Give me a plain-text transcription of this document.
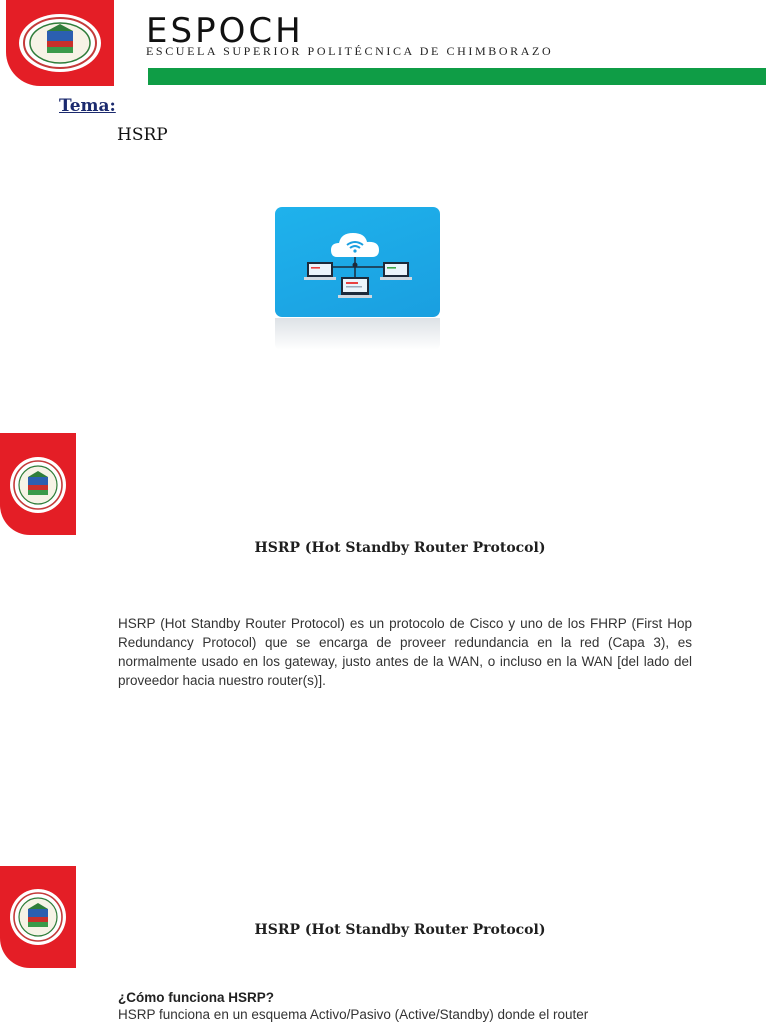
ESPOCH
ESCUELA SUPERIOR POLITÉCNICA DE CHIMBORAZO
Tema:
HSRP
HSRP (Hot Standby Router Protocol)
HSRP (Hot Standby Router Protocol) es un protocolo de Cisco y uno de los FHRP (First Hop Redundancy Protocol) que se encarga de proveer redundancia en la red (Capa 3), es normalmente usado en los gateway, justo antes de la WAN, o incluso en la WAN [del lado del proveedor hacia nuestro router(s)].
HSRP (Hot Standby Router Protocol)
¿Cómo funciona HSRP?
HSRP funciona en un esquema Activo/Pasivo (Active/Standby) donde el router
